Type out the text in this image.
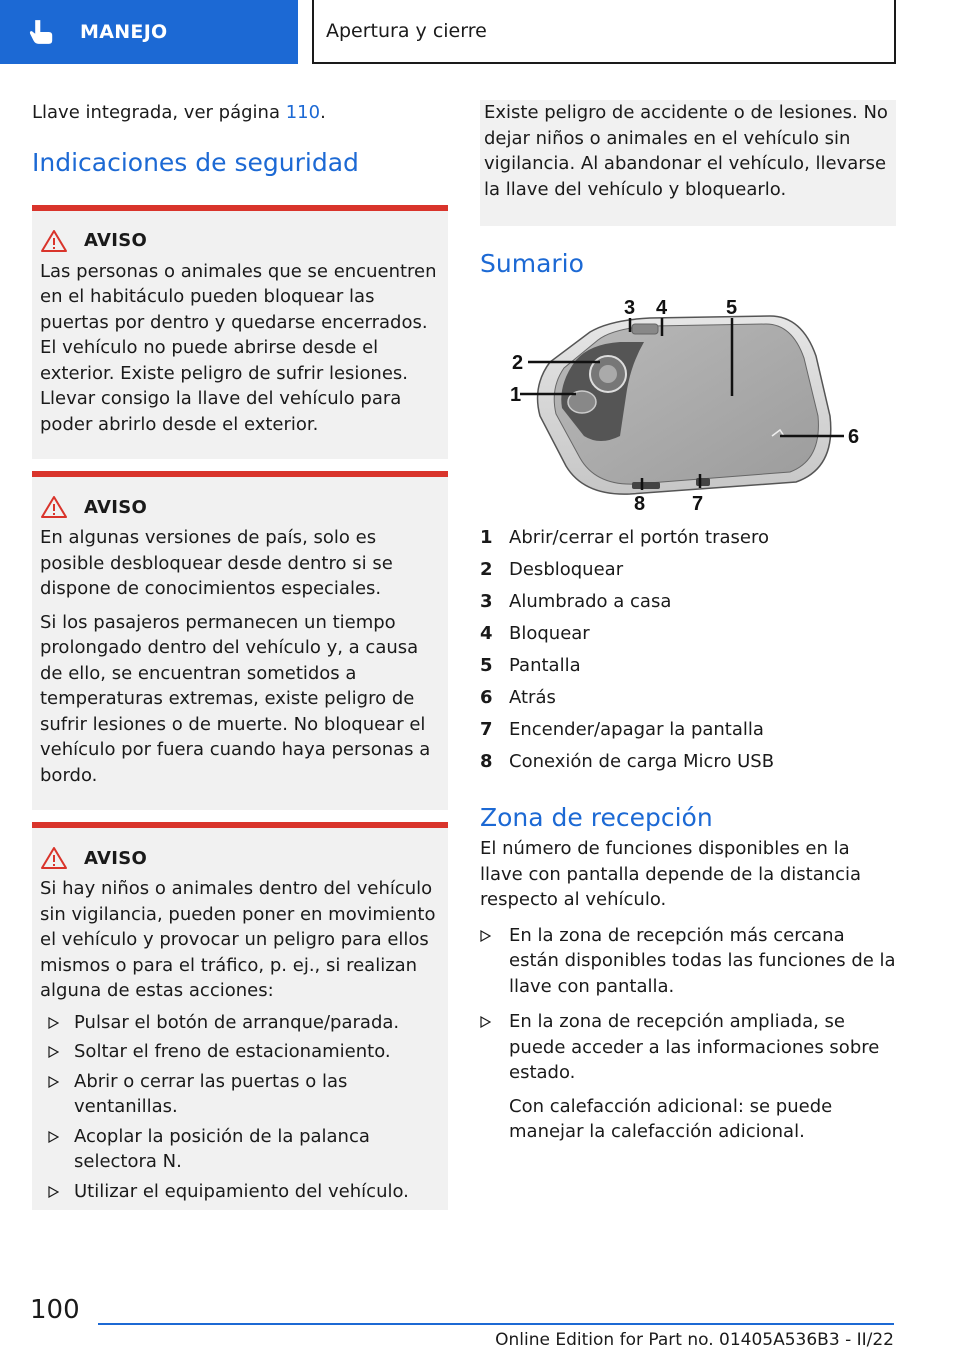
MANEJO	Apertura y cierre

Llave integrada, ver página 110.

Indicaciones de seguridad
AVISO

Las personas o animales que se encuentren en el habitáculo pueden bloquear las puertas por dentro y quedarse encerrados. El vehículo no puede abrirse desde el exterior. Existe peligro de sufrir lesiones. Llevar consigo la llave del vehículo para poder abrirlo desde el exterior.

AVISO

En algunas versiones de país, solo es posible desbloquear desde dentro si se dispone de conocimientos especiales.

Si los pasajeros permanecen un tiempo prolongado dentro del vehículo y, a causa de ello, se encuentran sometidos a temperaturas extremas, existe peligro de sufrir lesiones o de muerte. No bloquear el vehículo por fuera cuando haya personas a bordo.

AVISO

Si hay niños o animales dentro del vehículo sin vigilancia, pueden poner en movimiento el vehículo y provocar un peligro para ellos mismos o para el tráfico, p. ej., si realizan alguna de estas acciones:

Pulsar el botón de arranque/parada.
Soltar el freno de estacionamiento.
Abrir o cerrar las puertas o las ventanillas.
Acoplar la posición de la palanca selectora N.
Utilizar el equipamiento del vehículo.

Existe peligro de accidente o de lesiones. No dejar niños o animales en el vehículo sin vigilancia. Al abandonar el vehículo, llevarse la llave del vehículo y bloquearlo.

Sumario
3 4	5
2
1
6
8 7
1 Abrir/cerrar el portón trasero
2 Desbloquear
3 Alumbrado a casa
4 Bloquear
5 Pantalla
6 Atrás
7 Encender/apagar la pantalla
8 Conexión de carga Micro USB
Zona de recepción

El número de funciones disponibles en la llave con pantalla depende de la distancia respecto al vehículo.

En la zona de recepción más cercana están disponibles todas las funciones de la llave con pantalla.
En la zona de recepción ampliada, se puede acceder a las informaciones sobre estado.
Con calefacción adicional: se puede manejar la calefacción adicional.
100
Online Edition for Part no. 01405A536B3 - II/22
